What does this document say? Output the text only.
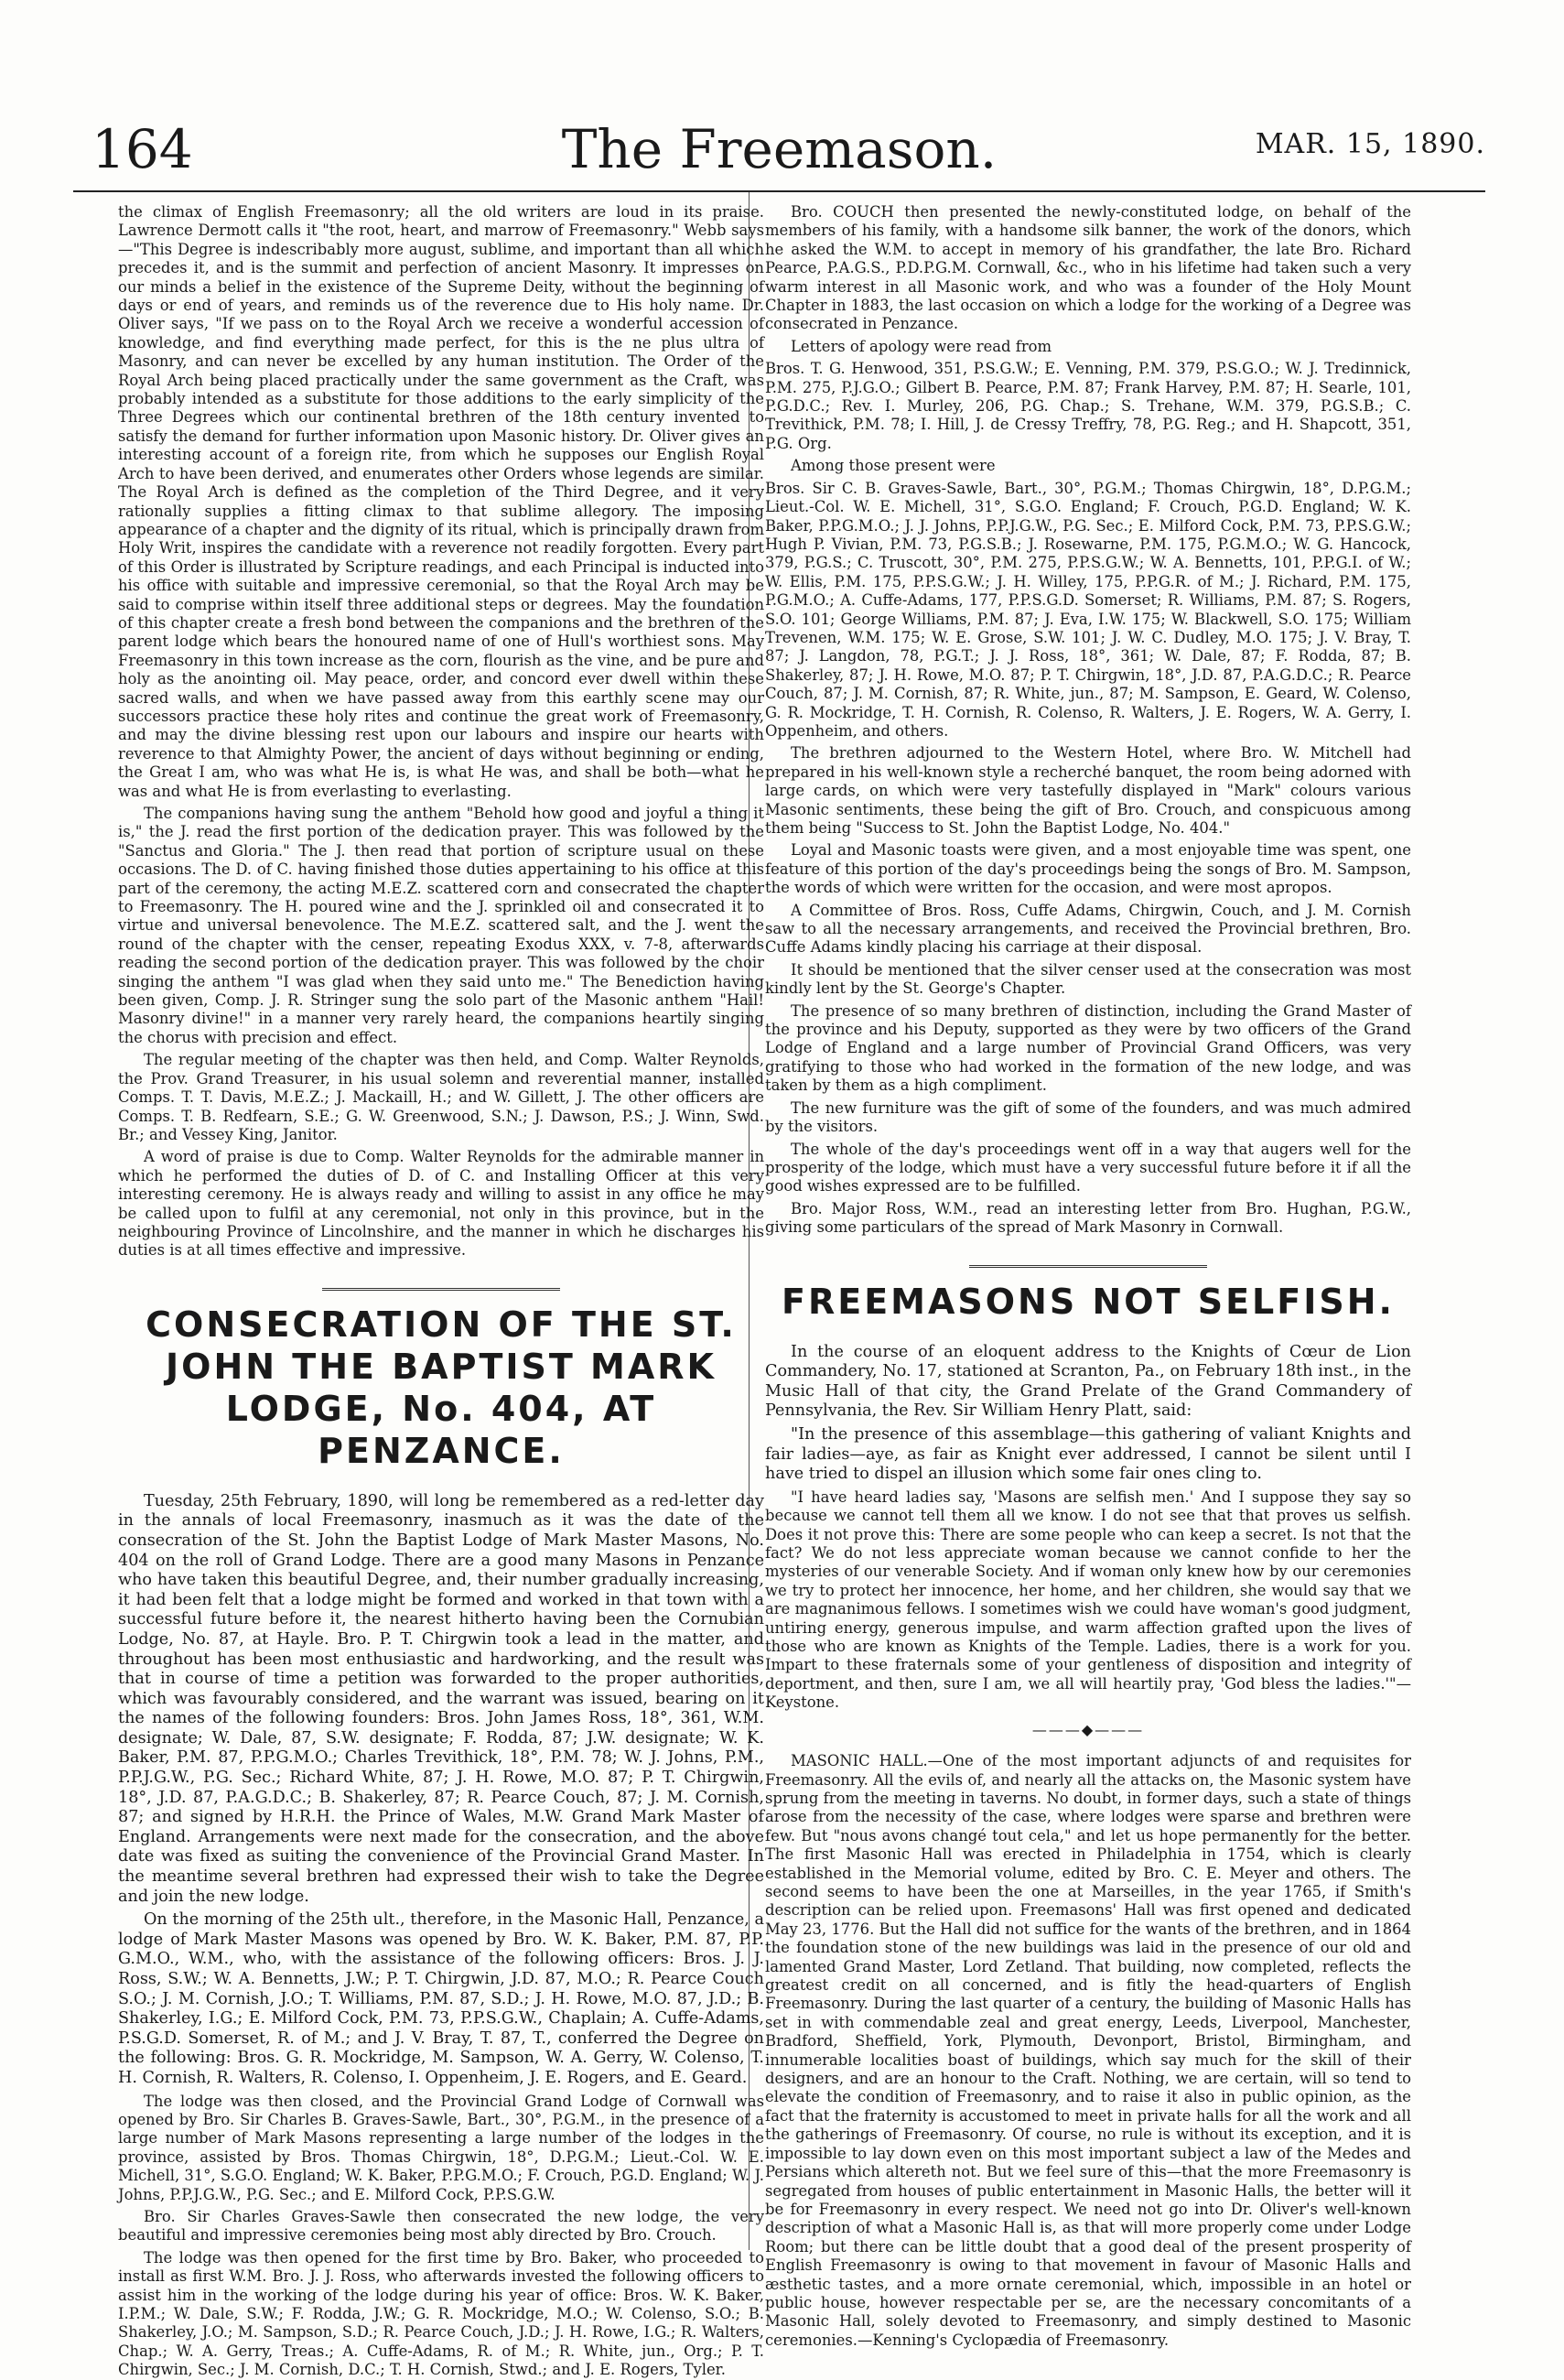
164	The Freemason.	MAR. 15, 1890.

the climax of English Freemasonry; all the old writers are loud in its praise. Lawrence Dermott calls it "the root, heart, and marrow of Freemasonry." Webb says—"This Degree is indescribably more august, sublime, and important than all which precedes it, and is the summit and perfection of ancient Masonry. It impresses on our minds a belief in the existence of the Supreme Deity, without the beginning of days or end of years, and reminds us of the reverence due to His holy name. Dr. Oliver says, "If we pass on to the Royal Arch we receive a wonderful accession of knowledge, and find everything made perfect, for this is the ne plus ultra of Masonry, and can never be excelled by any human institution. The Order of the Royal Arch being placed practically under the same government as the Craft, was probably intended as a substitute for those additions to the early simplicity of the Three Degrees which our continental brethren of the 18th century invented to satisfy the demand for further information upon Masonic history. Dr. Oliver gives an interesting account of a foreign rite, from which he supposes our English Royal Arch to have been derived, and enumerates other Orders whose legends are similar. The Royal Arch is defined as the completion of the Third Degree, and it very rationally supplies a fitting climax to that sublime allegory. The imposing appearance of a chapter and the dignity of its ritual, which is principally drawn from Holy Writ, inspires the candidate with a reverence not readily forgotten. Every part of this Order is illustrated by Scripture readings, and each Principal is inducted into his office with suitable and impressive ceremonial, so that the Royal Arch may be said to comprise within itself three additional steps or degrees. May the foundation of this chapter create a fresh bond between the companions and the brethren of the parent lodge which bears the honoured name of one of Hull's worthiest sons. May Freemasonry in this town increase as the corn, flourish as the vine, and be pure and holy as the anointing oil. May peace, order, and concord ever dwell within these sacred walls, and when we have passed away from this earthly scene may our successors practice these holy rites and continue the great work of Freemasonry, and may the divine blessing rest upon our labours and inspire our hearts with reverence to that Almighty Power, the ancient of days without beginning or ending, the Great I am, who was what He is, is what He was, and shall be both—what he was and what He is from everlasting to everlasting.

The companions having sung the anthem "Behold how good and joyful a thing it is," the J. read the first portion of the dedication prayer. This was followed by the "Sanctus and Gloria." The J. then read that portion of scripture usual on these occasions. The D. of C. having finished those duties appertaining to his office at this part of the ceremony, the acting M.E.Z. scattered corn and consecrated the chapter to Freemasonry. The H. poured wine and the J. sprinkled oil and consecrated it to virtue and universal benevolence. The M.E.Z. scattered salt, and the J. went the round of the chapter with the censer, repeating Exodus XXX, v. 7-8, afterwards reading the second portion of the dedication prayer. This was followed by the choir singing the anthem "I was glad when they said unto me." The Benediction having been given, Comp. J. R. Stringer sung the solo part of the Masonic anthem "Hail! Masonry divine!" in a manner very rarely heard, the companions heartily singing the chorus with precision and effect.

The regular meeting of the chapter was then held, and Comp. Walter Reynolds, the Prov. Grand Treasurer, in his usual solemn and reverential manner, installed Comps. T. T. Davis, M.E.Z.; J. Mackaill, H.; and W. Gillett, J. The other officers are Comps. T. B. Redfearn, S.E.; G. W. Greenwood, S.N.; J. Dawson, P.S.; J. Winn, Swd. Br.; and Vessey King, Janitor.

A word of praise is due to Comp. Walter Reynolds for the admirable manner in which he performed the duties of D. of C. and Installing Officer at this very interesting ceremony. He is always ready and willing to assist in any office he may be called upon to fulfil at any ceremonial, not only in this province, but in the neighbouring Province of Lincolnshire, and the manner in which he discharges his duties is at all times effective and impressive.

CONSECRATION OF THE ST. JOHN THE BAPTIST MARK LODGE, No. 404, AT PENZANCE.

Tuesday, 25th February, 1890, will long be remembered as a red-letter day in the annals of local Freemasonry, inasmuch as it was the date of the consecration of the St. John the Baptist Lodge of Mark Master Masons, No. 404 on the roll of Grand Lodge. There are a good many Masons in Penzance who have taken this beautiful Degree, and, their number gradually increasing, it had been felt that a lodge might be formed and worked in that town with a successful future before it, the nearest hitherto having been the Cornubian Lodge, No. 87, at Hayle. Bro. P. T. Chirgwin took a lead in the matter, and throughout has been most enthusiastic and hardworking, and the result was that in course of time a petition was forwarded to the proper authorities, which was favourably considered, and the warrant was issued, bearing on it the names of the following founders: Bros. John James Ross, 18°, 361, W.M. designate; W. Dale, 87, S.W. designate; F. Rodda, 87; J.W. designate; W. K. Baker, P.M. 87, P.P.G.M.O.; Charles Trevithick, 18°, P.M. 78; W. J. Johns, P.M., P.P.J.G.W., P.G. Sec.; Richard White, 87; J. H. Rowe, M.O. 87; P. T. Chirgwin, 18°, J.D. 87, P.A.G.D.C.; B. Shakerley, 87; R. Pearce Couch, 87; J. M. Cornish, 87; and signed by H.R.H. the Prince of Wales, M.W. Grand Mark Master of England. Arrangements were next made for the consecration, and the above date was fixed as suiting the convenience of the Provincial Grand Master. In the meantime several brethren had expressed their wish to take the Degree and join the new lodge.

On the morning of the 25th ult., therefore, in the Masonic Hall, Penzance, a lodge of Mark Master Masons was opened by Bro. W. K. Baker, P.M. 87, P.P. G.M.O., W.M., who, with the assistance of the following officers: Bros. J. J. Ross, S.W.; W. A. Bennetts, J.W.; P. T. Chirgwin, J.D. 87, M.O.; R. Pearce Couch S.O.; J. M. Cornish, J.O.; T. Williams, P.M. 87, S.D.; J. H. Rowe, M.O. 87, J.D.; B. Shakerley, I.G.; E. Milford Cock, P.M. 73, P.P.S.G.W., Chaplain; A. Cuffe-Adams, P.S.G.D. Somerset, R. of M.; and J. V. Bray, T. 87, T., conferred the Degree on the following: Bros. G. R. Mockridge, M. Sampson, W. A. Gerry, W. Colenso, T. H. Cornish, R. Walters, R. Colenso, I. Oppenheim, J. E. Rogers, and E. Geard.

The lodge was then closed, and the Provincial Grand Lodge of Cornwall was opened by Bro. Sir Charles B. Graves-Sawle, Bart., 30°, P.G.M., in the presence of a large number of Mark Masons representing a large number of the lodges in the province, assisted by Bros. Thomas Chirgwin, 18°, D.P.G.M.; Lieut.-Col. W. E. Michell, 31°, S.G.O. England; W. K. Baker, P.P.G.M.O.; F. Crouch, P.G.D. England; W. J. Johns, P.P.J.G.W., P.G. Sec.; and E. Milford Cock, P.P.S.G.W.

Bro. Sir Charles Graves-Sawle then consecrated the new lodge, the very beautiful and impressive ceremonies being most ably directed by Bro. Crouch.

The lodge was then opened for the first time by Bro. Baker, who proceeded to install as first W.M. Bro. J. J. Ross, who afterwards invested the following officers to assist him in the working of the lodge during his year of office: Bros. W. K. Baker, I.P.M.; W. Dale, S.W.; F. Rodda, J.W.; G. R. Mockridge, M.O.; W. Colenso, S.O.; B. Shakerley, J.O.; M. Sampson, S.D.; R. Pearce Couch, J.D.; J. H. Rowe, I.G.; R. Walters, Chap.; W. A. Gerry, Treas.; A. Cuffe-Adams, R. of M.; R. White, jun., Org.; P. T. Chirgwin, Sec.; J. M. Cornish, D.C.; T. H. Cornish, Stwd.; and J. E. Rogers, Tyler.

Bro. COUCH then presented the newly-constituted lodge, on behalf of the members of his family, with a handsome silk banner, the work of the donors, which he asked the W.M. to accept in memory of his grandfather, the late Bro. Richard Pearce, P.A.G.S., P.D.P.G.M. Cornwall, &c., who in his lifetime had taken such a very warm interest in all Masonic work, and who was a founder of the Holy Mount Chapter in 1883, the last occasion on which a lodge for the working of a Degree was consecrated in Penzance.

Letters of apology were read from

Bros. T. G. Henwood, 351, P.S.G.W.; E. Venning, P.M. 379, P.S.G.O.; W. J. Tredinnick, P.M. 275, P.J.G.O.; Gilbert B. Pearce, P.M. 87; Frank Harvey, P.M. 87; H. Searle, 101, P.G.D.C.; Rev. I. Murley, 206, P.G. Chap.; S. Trehane, W.M. 379, P.G.S.B.; C. Trevithick, P.M. 78; I. Hill, J. de Cressy Treffry, 78, P.G. Reg.; and H. Shapcott, 351, P.G. Org.

Among those present were

Bros. Sir C. B. Graves-Sawle, Bart., 30°, P.G.M.; Thomas Chirgwin, 18°, D.P.G.M.; Lieut.-Col. W. E. Michell, 31°, S.G.O. England; F. Crouch, P.G.D. England; W. K. Baker, P.P.G.M.O.; J. J. Johns, P.P.J.G.W., P.G. Sec.; E. Milford Cock, P.M. 73, P.P.S.G.W.; Hugh P. Vivian, P.M. 73, P.G.S.B.; J. Rosewarne, P.M. 175, P.G.M.O.; W. G. Hancock, 379, P.G.S.; C. Truscott, 30°, P.M. 275, P.P.S.G.W.; W. A. Bennetts, 101, P.P.G.I. of W.; W. Ellis, P.M. 175, P.P.S.G.W.; J. H. Willey, 175, P.P.G.R. of M.; J. Richard, P.M. 175, P.G.M.O.; A. Cuffe-Adams, 177, P.P.S.G.D. Somerset; R. Williams, P.M. 87; S. Rogers, S.O. 101; George Williams, P.M. 87; J. Eva, I.W. 175; W. Blackwell, S.O. 175; William Trevenen, W.M. 175; W. E. Grose, S.W. 101; J. W. C. Dudley, M.O. 175; J. V. Bray, T. 87; J. Langdon, 78, P.G.T.; J. J. Ross, 18°, 361; W. Dale, 87; F. Rodda, 87; B. Shakerley, 87; J. H. Rowe, M.O. 87; P. T. Chirgwin, 18°, J.D. 87, P.A.G.D.C.; R. Pearce Couch, 87; J. M. Cornish, 87; R. White, jun., 87; M. Sampson, E. Geard, W. Colenso, G. R. Mockridge, T. H. Cornish, R. Colenso, R. Walters, J. E. Rogers, W. A. Gerry, I. Oppenheim, and others.

The brethren adjourned to the Western Hotel, where Bro. W. Mitchell had prepared in his well-known style a recherché banquet, the room being adorned with large cards, on which were very tastefully displayed in "Mark" colours various Masonic sentiments, these being the gift of Bro. Crouch, and conspicuous among them being "Success to St. John the Baptist Lodge, No. 404."

Loyal and Masonic toasts were given, and a most enjoyable time was spent, one feature of this portion of the day's proceedings being the songs of Bro. M. Sampson, the words of which were written for the occasion, and were most apropos.

A Committee of Bros. Ross, Cuffe Adams, Chirgwin, Couch, and J. M. Cornish saw to all the necessary arrangements, and received the Provincial brethren, Bro. Cuffe Adams kindly placing his carriage at their disposal.

It should be mentioned that the silver censer used at the consecration was most kindly lent by the St. George's Chapter.

The presence of so many brethren of distinction, including the Grand Master of the province and his Deputy, supported as they were by two officers of the Grand Lodge of England and a large number of Provincial Grand Officers, was very gratifying to those who had worked in the formation of the new lodge, and was taken by them as a high compliment.

The new furniture was the gift of some of the founders, and was much admired by the visitors.

The whole of the day's proceedings went off in a way that augers well for the prosperity of the lodge, which must have a very successful future before it if all the good wishes expressed are to be fulfilled.

Bro. Major Ross, W.M., read an interesting letter from Bro. Hughan, P.G.W., giving some particulars of the spread of Mark Masonry in Cornwall.

FREEMASONS NOT SELFISH.

In the course of an eloquent address to the Knights of Cœur de Lion Commandery, No. 17, stationed at Scranton, Pa., on February 18th inst., in the Music Hall of that city, the Grand Prelate of the Grand Commandery of Pennsylvania, the Rev. Sir William Henry Platt, said:

"In the presence of this assemblage—this gathering of valiant Knights and fair ladies—aye, as fair as Knight ever addressed, I cannot be silent until I have tried to dispel an illusion which some fair ones cling to.

"I have heard ladies say, 'Masons are selfish men.' And I suppose they say so because we cannot tell them all we know. I do not see that that proves us selfish. Does it not prove this: There are some people who can keep a secret. Is not that the fact? We do not less appreciate woman because we cannot confide to her the mysteries of our venerable Society. And if woman only knew how by our ceremonies we try to protect her innocence, her home, and her children, she would say that we are magnanimous fellows. I sometimes wish we could have woman's good judgment, untiring energy, generous impulse, and warm affection grafted upon the lives of those who are known as Knights of the Temple. Ladies, there is a work for you. Impart to these fraternals some of your gentleness of disposition and integrity of deportment, and then, sure I am, we all will heartily pray, 'God bless the ladies.'"—Keystone.

———◆———

MASONIC HALL.—One of the most important adjuncts of and requisites for Freemasonry. All the evils of, and nearly all the attacks on, the Masonic system have sprung from the meeting in taverns. No doubt, in former days, such a state of things arose from the necessity of the case, where lodges were sparse and brethren were few. But "nous avons changé tout cela," and let us hope permanently for the better. The first Masonic Hall was erected in Philadelphia in 1754, which is clearly established in the Memorial volume, edited by Bro. C. E. Meyer and others. The second seems to have been the one at Marseilles, in the year 1765, if Smith's description can be relied upon. Freemasons' Hall was first opened and dedicated May 23, 1776. But the Hall did not suffice for the wants of the brethren, and in 1864 the foundation stone of the new buildings was laid in the presence of our old and lamented Grand Master, Lord Zetland. That building, now completed, reflects the greatest credit on all concerned, and is fitly the head-quarters of English Freemasonry. During the last quarter of a century, the building of Masonic Halls has set in with commendable zeal and great energy, Leeds, Liverpool, Manchester, Bradford, Sheffield, York, Plymouth, Devonport, Bristol, Birmingham, and innumerable localities boast of buildings, which say much for the skill of their designers, and are an honour to the Craft. Nothing, we are certain, will so tend to elevate the condition of Freemasonry, and to raise it also in public opinion, as the fact that the fraternity is accustomed to meet in private halls for all the work and all the gatherings of Freemasonry. Of course, no rule is without its exception, and it is impossible to lay down even on this most important subject a law of the Medes and Persians which altereth not. But we feel sure of this—that the more Freemasonry is segregated from houses of public entertainment in Masonic Halls, the better will it be for Freemasonry in every respect. We need not go into Dr. Oliver's well-known description of what a Masonic Hall is, as that will more properly come under Lodge Room; but there can be little doubt that a good deal of the present prosperity of English Freemasonry is owing to that movement in favour of Masonic Halls and æsthetic tastes, and a more ornate ceremonial, which, impossible in an hotel or public house, however respectable per se, are the necessary concomitants of a Masonic Hall, solely devoted to Freemasonry, and simply destined to Masonic ceremonies.—Kenning's Cyclopædia of Freemasonry.
